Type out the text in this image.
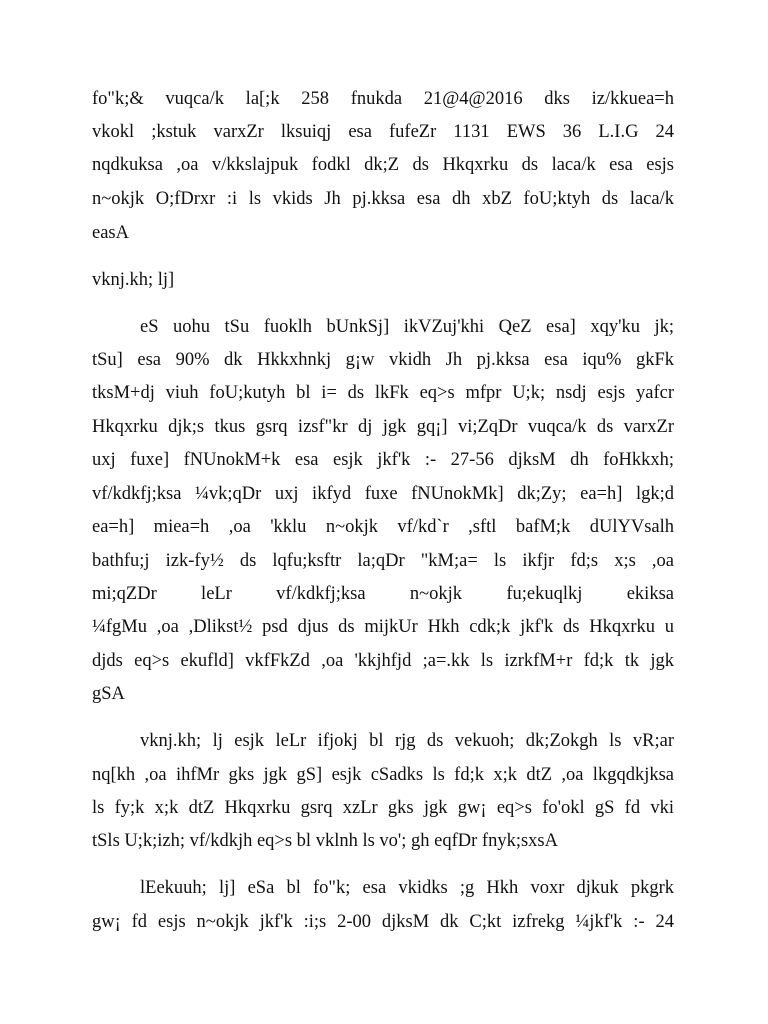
fo"k;& vuqca/k la[;k 258 fnukda 21@4@2016 dks iz/kkuea=h
vkokl ;kstuk varxZr lksuiqj esa fufeZr 1131 EWS 36 L.I.G 24
nqdkuksa ,oa v/kkslajpuk fodkl dk;Z ds Hkqxrku ds laca/k esa esjs
n~okjk O;fDrxr :i ls vkids Jh pj.kksa esa dh xbZ foU;ktyh ds laca/k
easA
vknj.kh; lj]
eS uohu tSu fuoklh bUnkSj] ikVZuj'khi QeZ esa] xqy'ku jk;
tSu] esa 90% dk Hkkxhnkj g¡w vkidh Jh pj.kksa esa iqu% gkFk
tksM+dj viuh foU;kutyh bl i= ds lkFk eq>s mfpr U;k; nsdj esjs yafcr
Hkqxrku djk;s tkus gsrq izsf"kr dj jgk gq¡] vi;ZqDr vuqca/k ds varxZr
uxj fuxe] fNUnokM+k esa esjk jkf'k :- 27-56 djksM dh foHkkxh;
vf/kdkfj;ksa ¼vk;qDr uxj ikfyd fuxe fNUnokMk] dk;Zy; ea=h] lgk;d
ea=h] miea=h ,oa 'kklu n~okjk vf/kd`r ,sftl bafM;k dUlYVsalh
bathfu;j izk-fy½ ds lqfu;ksftr la;qDr "kM;a= ls ikfjr fd;s x;s ,oa
mi;qZDr leLr vf/kdkfj;ksa n~okjk fu;ekuqlkj ekiksa
¼fgMu ,oa ,Dlikst½ psd djus ds mijkUr Hkh cdk;k jkf'k ds Hkqxrku u
djds eq>s ekufld] vkfFkZd ,oa 'kkjhfjd ;a=.kk ls izrkfM+r fd;k tk jgk
gSA
vknj.kh; lj esjk leLr ifjokj bl rjg ds vekuoh; dk;Zokgh ls vR;ar
nq[kh ,oa ihfMr gks jgk gS] esjk cSadks ls fd;k x;k dtZ ,oa lkgqdkjksa
ls fy;k x;k dtZ Hkqxrku gsrq xzLr gks jgk gw¡ eq>s fo'okl gS fd vki
tSls U;k;izh; vf/kdkjh eq>s bl vklnh ls vo'; gh eqfDr fnyk;sxsA
lEekuuh; lj] eSa bl fo"k; esa vkidks ;g Hkh voxr djkuk pkgrk
gw¡ fd esjs n~okjk jkf'k :i;s 2-00 djksM dk C;kt izfrekg ¼jkf'k :- 24
